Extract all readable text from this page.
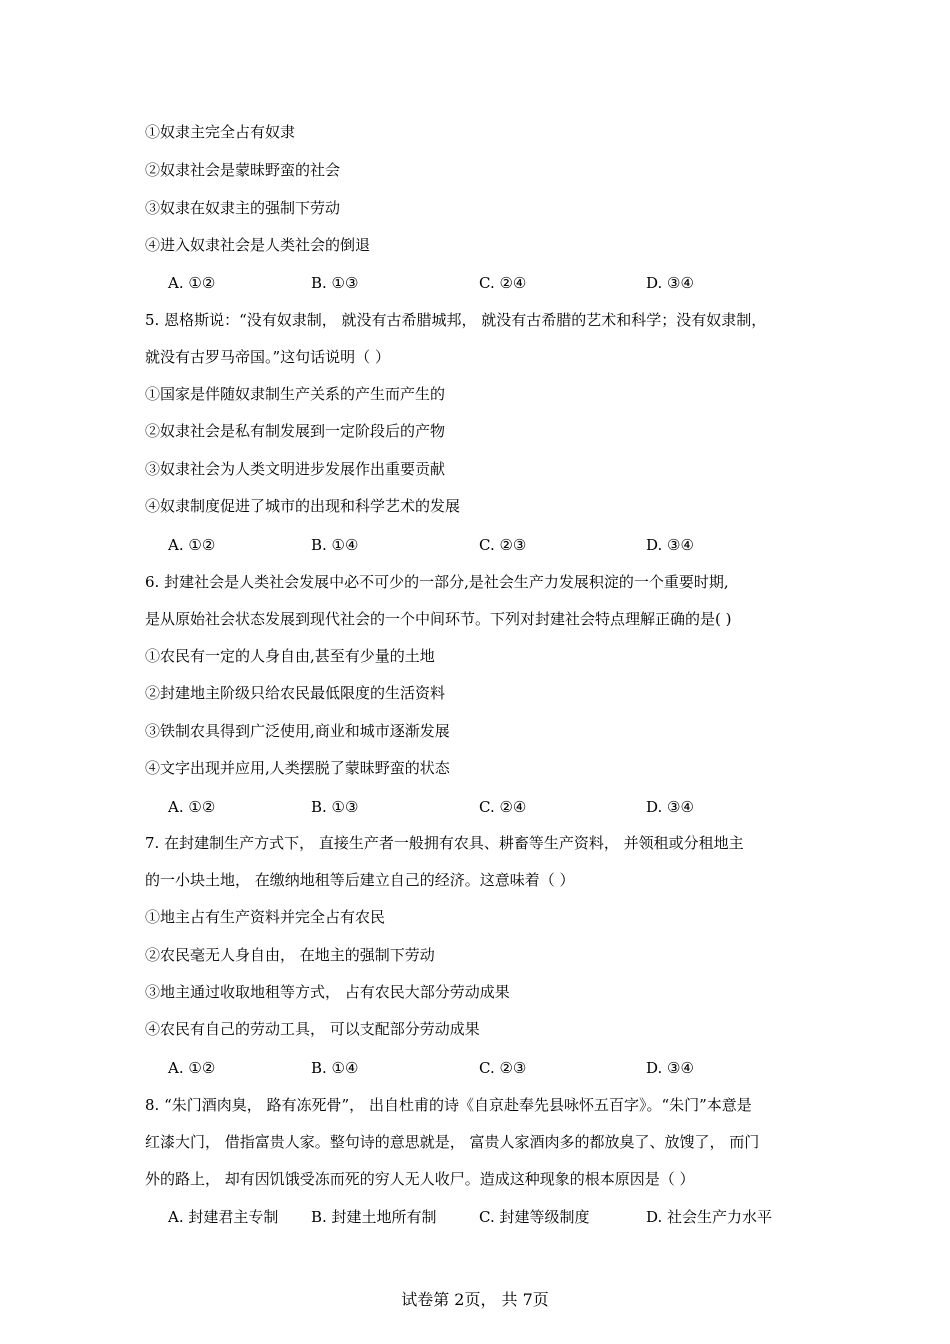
①奴隶主完全占有奴隶
②奴隶社会是蒙昧野蛮的社会
③奴隶在奴隶主的强制下劳动
④进入奴隶社会是人类社会的倒退
A. ①②	B. ①③	C. ②④	D. ③④
5. 恩格斯说：“没有奴隶制， 就没有古希腊城邦， 就没有古希腊的艺术和科学；没有奴隶制，
就没有古罗马帝国。”这句话说明（ ）
①国家是伴随奴隶制生产关系的产生而产生的
②奴隶社会是私有制发展到一定阶段后的产物
③奴隶社会为人类文明进步发展作出重要贡献
④奴隶制度促进了城市的出现和科学艺术的发展
A. ①②	B. ①④	C. ②③	D. ③④
6. 封建社会是人类社会发展中必不可少的一部分,是社会生产力发展积淀的一个重要时期,
是从原始社会状态发展到现代社会的一个中间环节。下列对封建社会特点理解正确的是( )
①农民有一定的人身自由,甚至有少量的土地
②封建地主阶级只给农民最低限度的生活资料
③铁制农具得到广泛使用,商业和城市逐渐发展
④文字出现并应用,人类摆脱了蒙昧野蛮的状态
A. ①②	B. ①③	C. ②④	D. ③④
7. 在封建制生产方式下， 直接生产者一般拥有农具、耕畜等生产资料， 并领租或分租地主
的一小块土地， 在缴纳地租等后建立自己的经济。这意味着（ ）
①地主占有生产资料并完全占有农民
②农民毫无人身自由， 在地主的强制下劳动
③地主通过收取地租等方式， 占有农民大部分劳动成果
④农民有自己的劳动工具， 可以支配部分劳动成果
A. ①②	B. ①④	C. ②③	D. ③④
8. “朱门酒肉臭， 路有冻死骨”， 出自杜甫的诗《自京赴奉先县咏怀五百字》。“朱门”本意是
红漆大门， 借指富贵人家。整句诗的意思就是， 富贵人家酒肉多的都放臭了、放馊了， 而门
外的路上， 却有因饥饿受冻而死的穷人无人收尸。造成这种现象的根本原因是（ ）
A. 封建君主专制 B. 封建土地所有制	C. 封建等级制度	D. 社会生产力水平
试卷第 2页， 共 7页
